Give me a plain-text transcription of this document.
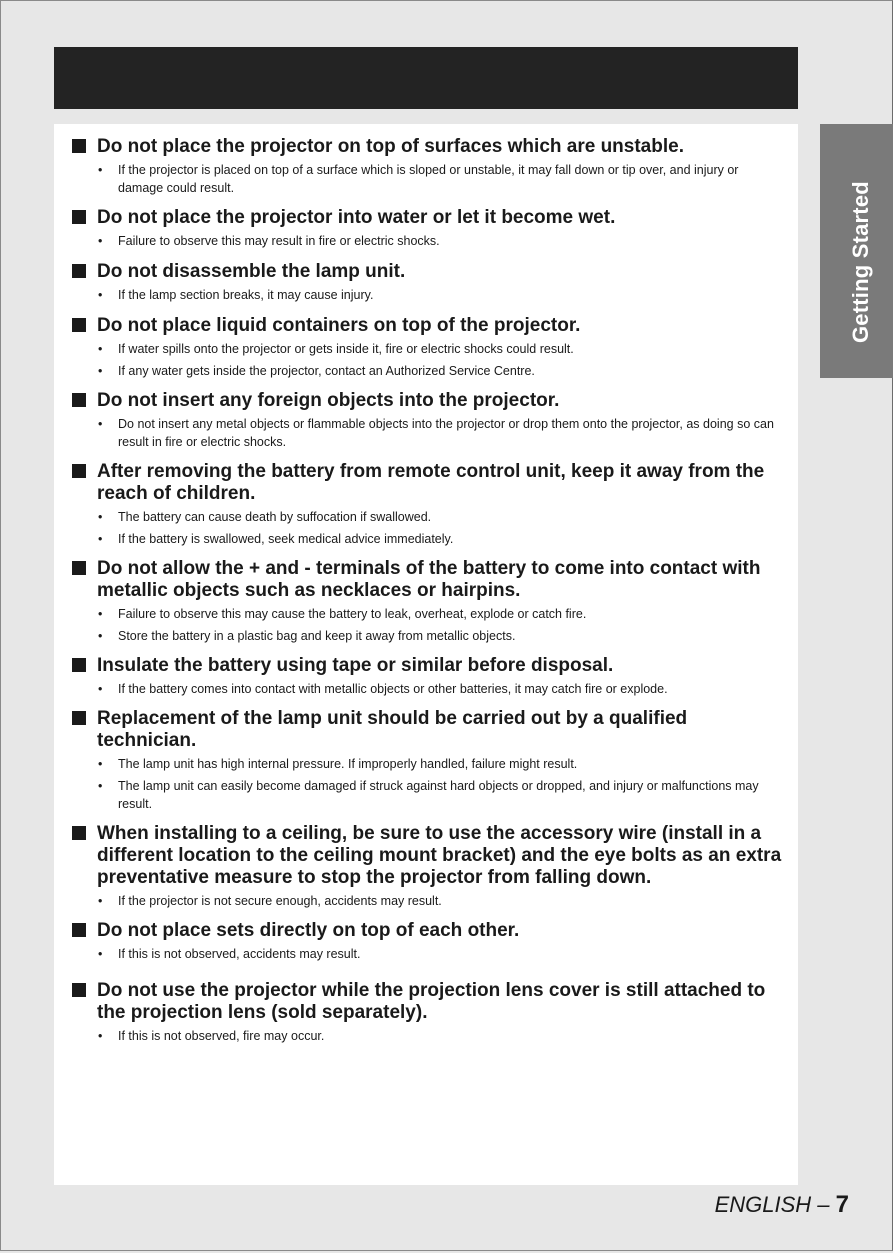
Getting Started
Do not place the projector on top of surfaces which are unstable.
• If the projector is placed on top of a surface which is sloped or unstable, it may fall down or tip over, and injury or damage could result.
Do not place the projector into water or let it become wet.
• Failure to observe this may result in fire or electric shocks.
Do not disassemble the lamp unit.
• If the lamp section breaks, it may cause injury.
Do not place liquid containers on top of the projector.
• If water spills onto the projector or gets inside it, fire or electric shocks could result.
• If any water gets inside the projector, contact an Authorized Service Centre.
Do not insert any foreign objects into the projector.
• Do not insert any metal objects or flammable objects into the projector or drop them onto the projector, as doing so can result in fire or electric shocks.
After removing the battery from remote control unit, keep it away from the reach of children.
• The battery can cause death by suffocation if swallowed.
• If the battery is swallowed, seek medical advice immediately.
Do not allow the + and - terminals of the battery to come into contact with metallic objects such as necklaces or hairpins.
• Failure to observe this may cause the battery to leak, overheat, explode or catch fire.
• Store the battery in a plastic bag and keep it away from metallic objects.
Insulate the battery using tape or similar before disposal.
• If the battery comes into contact with metallic objects or other batteries, it may catch fire or explode.
Replacement of the lamp unit should be carried out by a qualified technician.
• The lamp unit has high internal pressure. If improperly handled, failure might result.
• The lamp unit can easily become damaged if struck against hard objects or dropped, and injury or malfunctions may result.
When installing to a ceiling, be sure to use the accessory wire (install in a different location to the ceiling mount bracket) and the eye bolts as an extra preventative measure to stop the projector from falling down.
• If the projector is not secure enough, accidents may result.
Do not place sets directly on top of each other.
• If this is not observed, accidents may result.
Do not use the projector while the projection lens cover is still attached to the projection lens (sold separately).
• If this is not observed, fire may occur.
ENGLISH – 7
